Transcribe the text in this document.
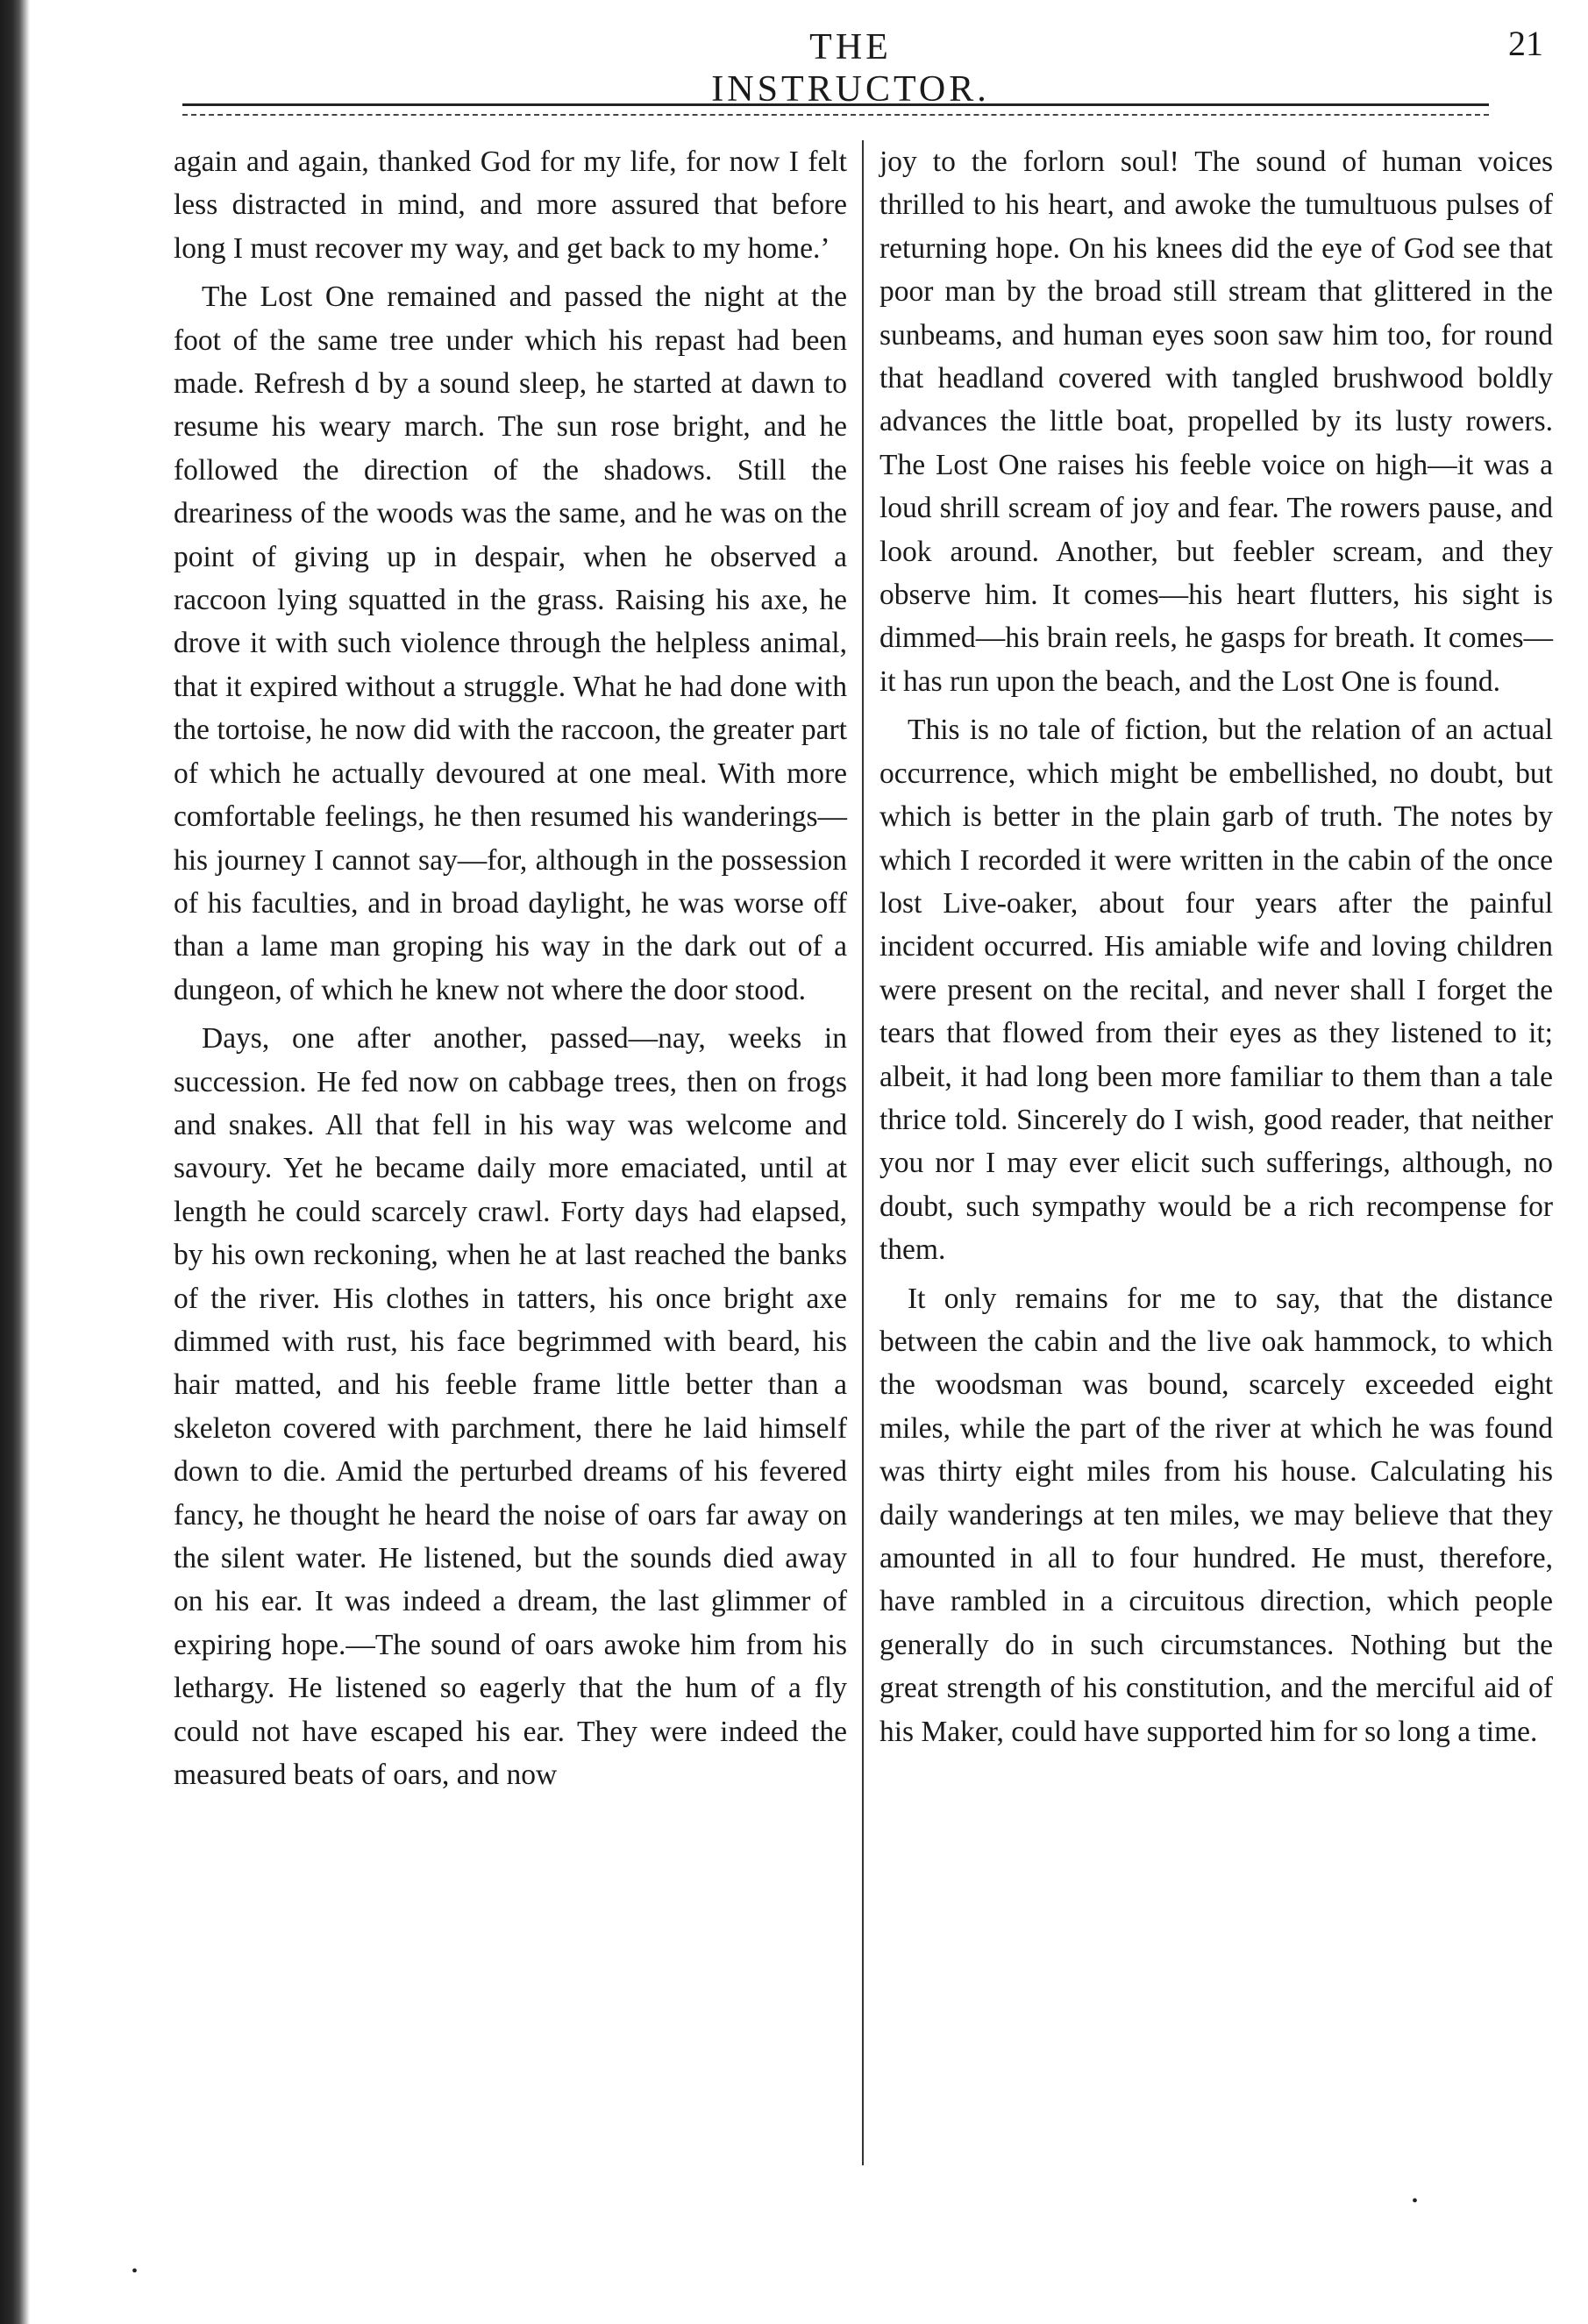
THE INSTRUCTOR.
21

again and again, thanked God for my life, for now I felt less distracted in mind, and more assured that before long I must recover my way, and get back to my home.’

The Lost One remained and passed the night at the foot of the same tree under which his repast had been made. Refresh d by a sound sleep, he started at dawn to resume his weary march. The sun rose bright, and he followed the direction of the shadows. Still the dreariness of the woods was the same, and he was on the point of giving up in despair, when he observed a raccoon lying squatted in the grass. Raising his axe, he drove it with such violence through the helpless animal, that it expired without a struggle. What he had done with the tortoise, he now did with the raccoon, the greater part of which he actually devoured at one meal. With more comfortable feelings, he then resumed his wanderings—his journey I cannot say—for, although in the possession of his faculties, and in broad daylight, he was worse off than a lame man groping his way in the dark out of a dungeon, of which he knew not where the door stood.

Days, one after another, passed—nay, weeks in succession. He fed now on cabbage trees, then on frogs and snakes. All that fell in his way was welcome and savoury. Yet he became daily more emaciated, until at length he could scarcely crawl. Forty days had elapsed, by his own reckoning, when he at last reached the banks of the river. His clothes in tatters, his once bright axe dimmed with rust, his face begrimmed with beard, his hair matted, and his feeble frame little better than a skeleton covered with parchment, there he laid himself down to die. Amid the perturbed dreams of his fevered fancy, he thought he heard the noise of oars far away on the silent water. He listened, but the sounds died away on his ear. It was indeed a dream, the last glimmer of expiring hope.—The sound of oars awoke him from his lethargy. He listened so eagerly that the hum of a fly could not have escaped his ear. They were indeed the measured beats of oars, and now

joy to the forlorn soul! The sound of human voices thrilled to his heart, and awoke the tumultuous pulses of returning hope. On his knees did the eye of God see that poor man by the broad still stream that glittered in the sunbeams, and human eyes soon saw him too, for round that headland covered with tangled brushwood boldly advances the little boat, propelled by its lusty rowers. The Lost One raises his feeble voice on high—it was a loud shrill scream of joy and fear. The rowers pause, and look around. Another, but feebler scream, and they observe him. It comes—his heart flutters, his sight is dimmed—his brain reels, he gasps for breath. It comes—it has run upon the beach, and the Lost One is found.

This is no tale of fiction, but the relation of an actual occurrence, which might be embellished, no doubt, but which is better in the plain garb of truth. The notes by which I recorded it were written in the cabin of the once lost Live-oaker, about four years after the painful incident occurred. His amiable wife and loving children were present on the recital, and never shall I forget the tears that flowed from their eyes as they listened to it; albeit, it had long been more familiar to them than a tale thrice told. Sincerely do I wish, good reader, that neither you nor I may ever elicit such sufferings, although, no doubt, such sympathy would be a rich recompense for them.

It only remains for me to say, that the distance between the cabin and the live oak hammock, to which the woodsman was bound, scarcely exceeded eight miles, while the part of the river at which he was found was thirty eight miles from his house. Calculating his daily wanderings at ten miles, we may believe that they amounted in all to four hundred. He must, therefore, have rambled in a circuitous direction, which people generally do in such circumstances. Nothing but the great strength of his constitution, and the merciful aid of his Maker, could have supported him for so long a time.

•
•
